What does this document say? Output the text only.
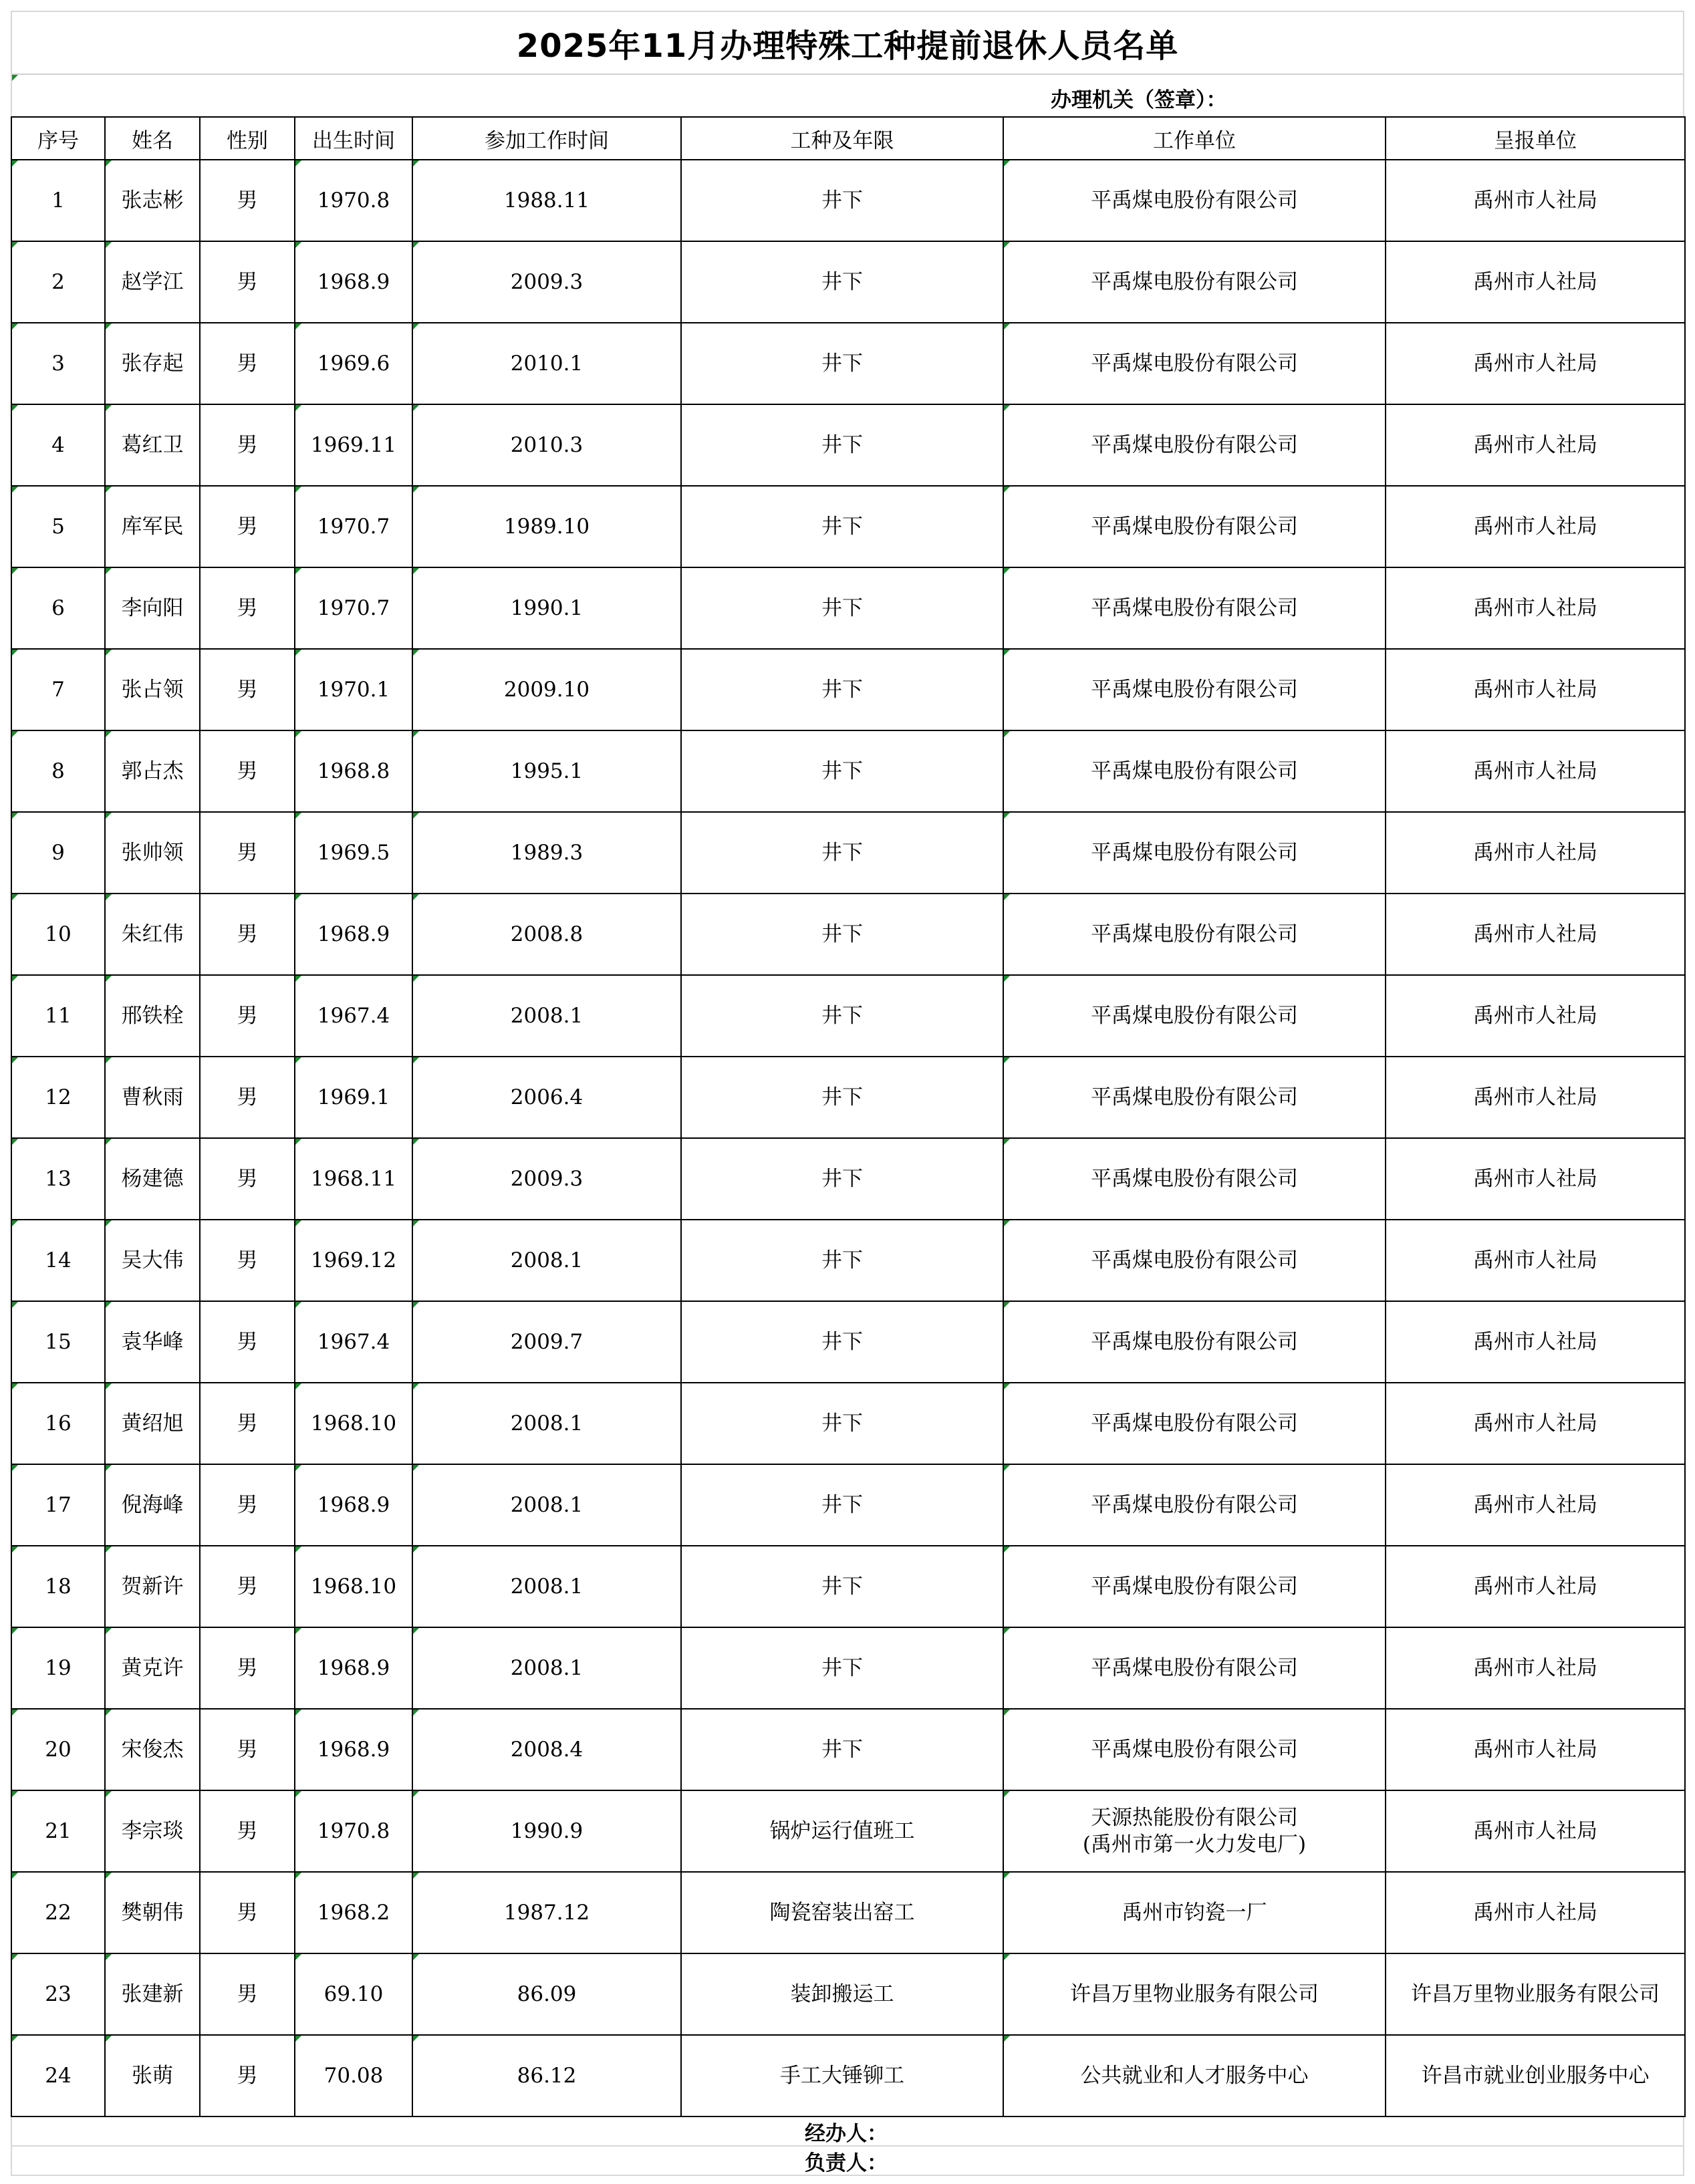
2025年11月办理特殊工种提前退休人员名单
办理机关（签章）：
序号	姓名	性别	出生时间	参加工作时间	工种及年限	工作单位	呈报单位

1	张志彬	男	1970.8	1988.11	井下	平禹煤电股份有限公司	禹州市人社局

2	赵学江	男	1968.9	2009.3	井下	平禹煤电股份有限公司	禹州市人社局

3	张存起	男	1969.6	2010.1	井下	平禹煤电股份有限公司	禹州市人社局

4	葛红卫	男	1969.11	2010.3	井下	平禹煤电股份有限公司	禹州市人社局

5	库军民	男	1970.7	1989.10	井下	平禹煤电股份有限公司	禹州市人社局

6	李向阳	男	1970.7	1990.1	井下	平禹煤电股份有限公司	禹州市人社局

7	张占领	男	1970.1	2009.10	井下	平禹煤电股份有限公司	禹州市人社局

8	郭占杰	男	1968.8	1995.1	井下	平禹煤电股份有限公司	禹州市人社局

9	张帅领	男	1969.5	1989.3	井下	平禹煤电股份有限公司	禹州市人社局

10	朱红伟	男	1968.9	2008.8	井下	平禹煤电股份有限公司	禹州市人社局

11	邢铁栓	男	1967.4	2008.1	井下	平禹煤电股份有限公司	禹州市人社局

12	曹秋雨	男	1969.1	2006.4	井下	平禹煤电股份有限公司	禹州市人社局

13	杨建德	男	1968.11	2009.3	井下	平禹煤电股份有限公司	禹州市人社局

14	吴大伟	男	1969.12	2008.1	井下	平禹煤电股份有限公司	禹州市人社局

15	袁华峰	男	1967.4	2009.7	井下	平禹煤电股份有限公司	禹州市人社局

16	黄绍旭	男	1968.10	2008.1	井下	平禹煤电股份有限公司	禹州市人社局

17	倪海峰	男	1968.9	2008.1	井下	平禹煤电股份有限公司	禹州市人社局

18	贺新许	男	1968.10	2008.1	井下	平禹煤电股份有限公司	禹州市人社局

19	黄克许	男	1968.9	2008.1	井下	平禹煤电股份有限公司	禹州市人社局

20	宋俊杰	男	1968.9	2008.4	井下	平禹煤电股份有限公司	禹州市人社局

21	李宗琰	男	1970.8	1990.9	锅炉运行值班工	天源热能股份有限公司
(禹州市第一火力发电厂)	禹州市人社局

22	樊朝伟	男	1968.2	1987.12	陶瓷窑装出窑工	禹州市钧瓷一厂	禹州市人社局

23	张建新	男	69.10	86.09	装卸搬运工	许昌万里物业服务有限公司	许昌万里物业服务有限公司

24	张萌	男	70.08	86.12	手工大锤铆工	公共就业和人才服务中心	许昌市就业创业服务中心
经办人：
负责人：
